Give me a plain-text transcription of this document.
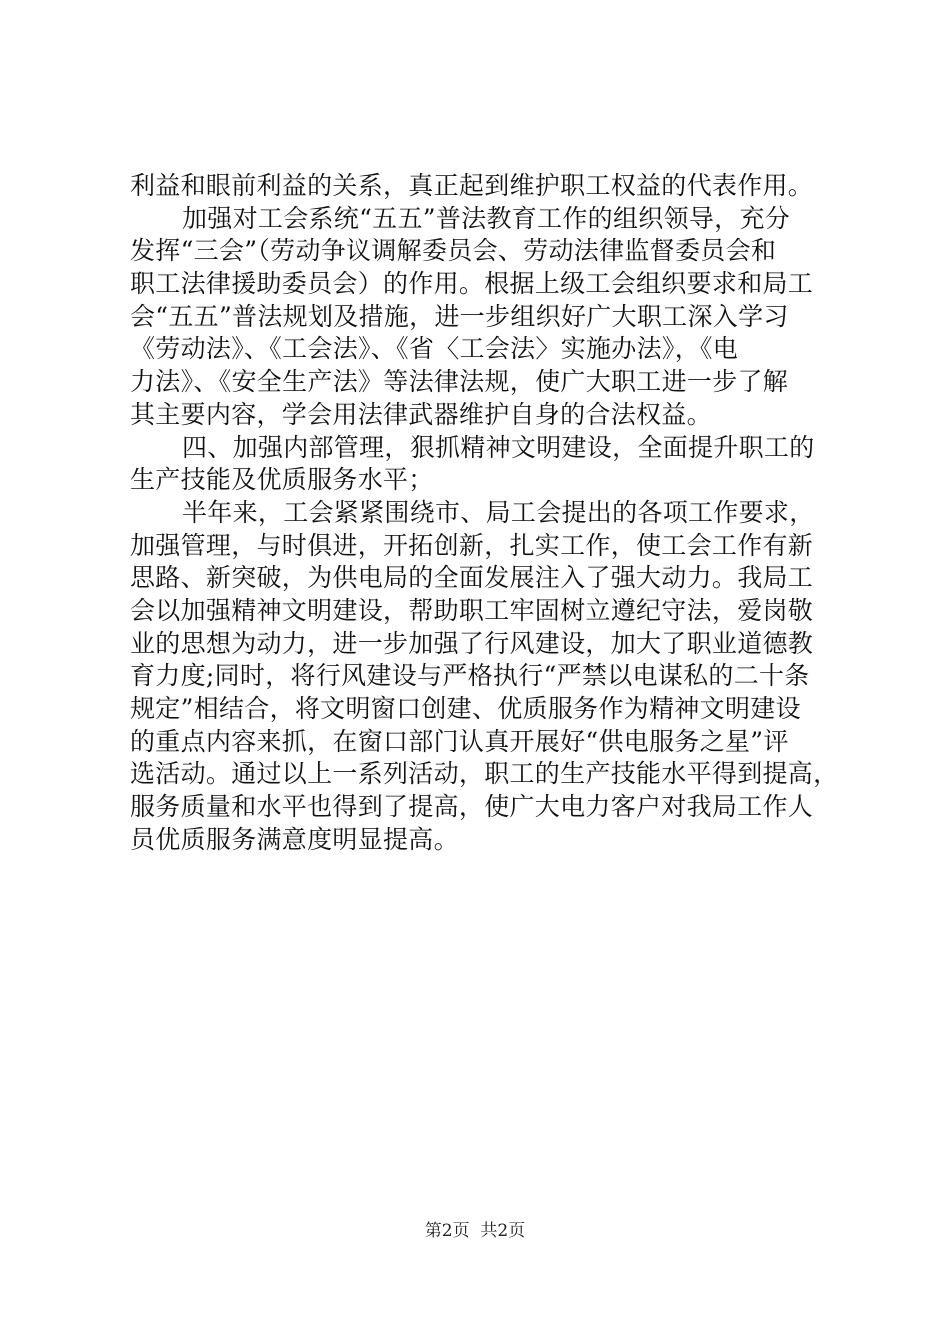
利益和眼前利益的关系，真正起到维护职工权益的代表作用。
加强对工会系统“五五”普法教育工作的组织领导，充分
发挥“三会”（劳动争议调解委员会、劳动法律监督委员会和
职工法律援助委员会）的作用。根据上级工会组织要求和局工
会“五五”普法规划及措施，进一步组织好广大职工深入学习
《劳动法》、《工会法》、《省〈工会法〉实施办法》，《电
力法》、《安全生产法》等法律法规，使广大职工进一步了解
其主要内容，学会用法律武器维护自身的合法权益。
四、加强内部管理，狠抓精神文明建设，全面提升职工的
生产技能及优质服务水平；
半年来，工会紧紧围绕市、局工会提出的各项工作要求，
加强管理，与时俱进，开拓创新，扎实工作，使工会工作有新
思路、新突破，为供电局的全面发展注入了强大动力。我局工
会以加强精神文明建设，帮助职工牢固树立遵纪守法，爱岗敬
业的思想为动力，进一步加强了行风建设，加大了职业道德教
育力度;同时，将行风建设与严格执行“严禁以电谋私的二十条
规定”相结合，将文明窗口创建、优质服务作为精神文明建设
的重点内容来抓，在窗口部门认真开展好“供电服务之星”评
选活动。通过以上一系列活动，职工的生产技能水平得到提高，
服务质量和水平也得到了提高，使广大电力客户对我局工作人
员优质服务满意度明显提高。
第2页  共2页
